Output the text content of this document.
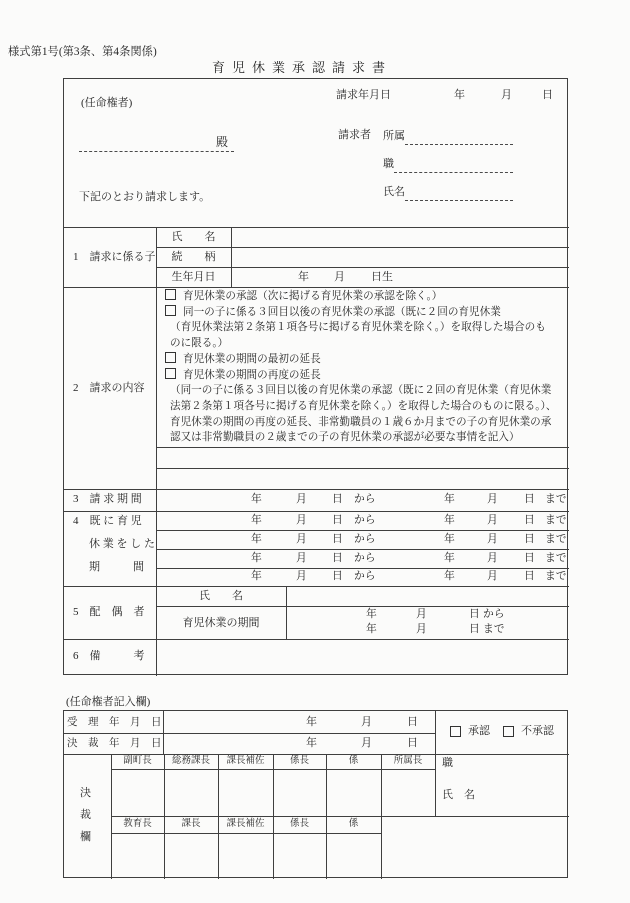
様式第1号(第3条、第4条関係)
育児休業承認請求書
(任命権者)
請求年月日	年	月	日
殿	請求者 所属
職
氏名
下記のとおり請求します。
1　請求に係る子
氏　　名
続　　柄
生年月日	年 月 日生
2　請求の内容
育児休業の承認（次に掲げる育児休業の承認を除く。）
同一の子に係る３回目以後の育児休業の承認（既に２回の育児休業
（育児休業法第２条第１項各号に掲げる育児休業を除く。）を取得した場合のも
のに限る。）
育児休業の期間の最初の延長
育児休業の期間の再度の延長
（同一の子に係る３回目以後の育児休業の承認（既に２回の育児休業（育児休業
法第２条第１項各号に掲げる育児休業を除く。）を取得した場合のものに限る。）、
育児休業の期間の再度の延長、非常勤職員の１歳６か月までの子の育児休業の承
認又は非常勤職員の２歳までの子の育児休業の承認が必要な事情を記入）
3　請 求 期 間	年	月 日 から	年	月 日 まで
4　既 に 育 児
休 業 を し た
期　　　間
年	月 日 から	年	月 日 まで
年	月 日 から	年	月 日 まで
年	月 日 から	年	月 日 まで
年	月 日 から	年	月 日 まで
5　配　偶　者
氏　　名
育児休業の期間
年	月	日 から
年	月	日 まで
6　備　　　考
(任命権者記入欄)
受　理　年　月　日	年	月	日
決　裁　年　月　日	年	月	日
承認	不承認
決
裁
欄
副町長	総務課長	課長補佐	係長	係	所属長	職
氏　名
教育長	課長	課長補佐	係長	係
